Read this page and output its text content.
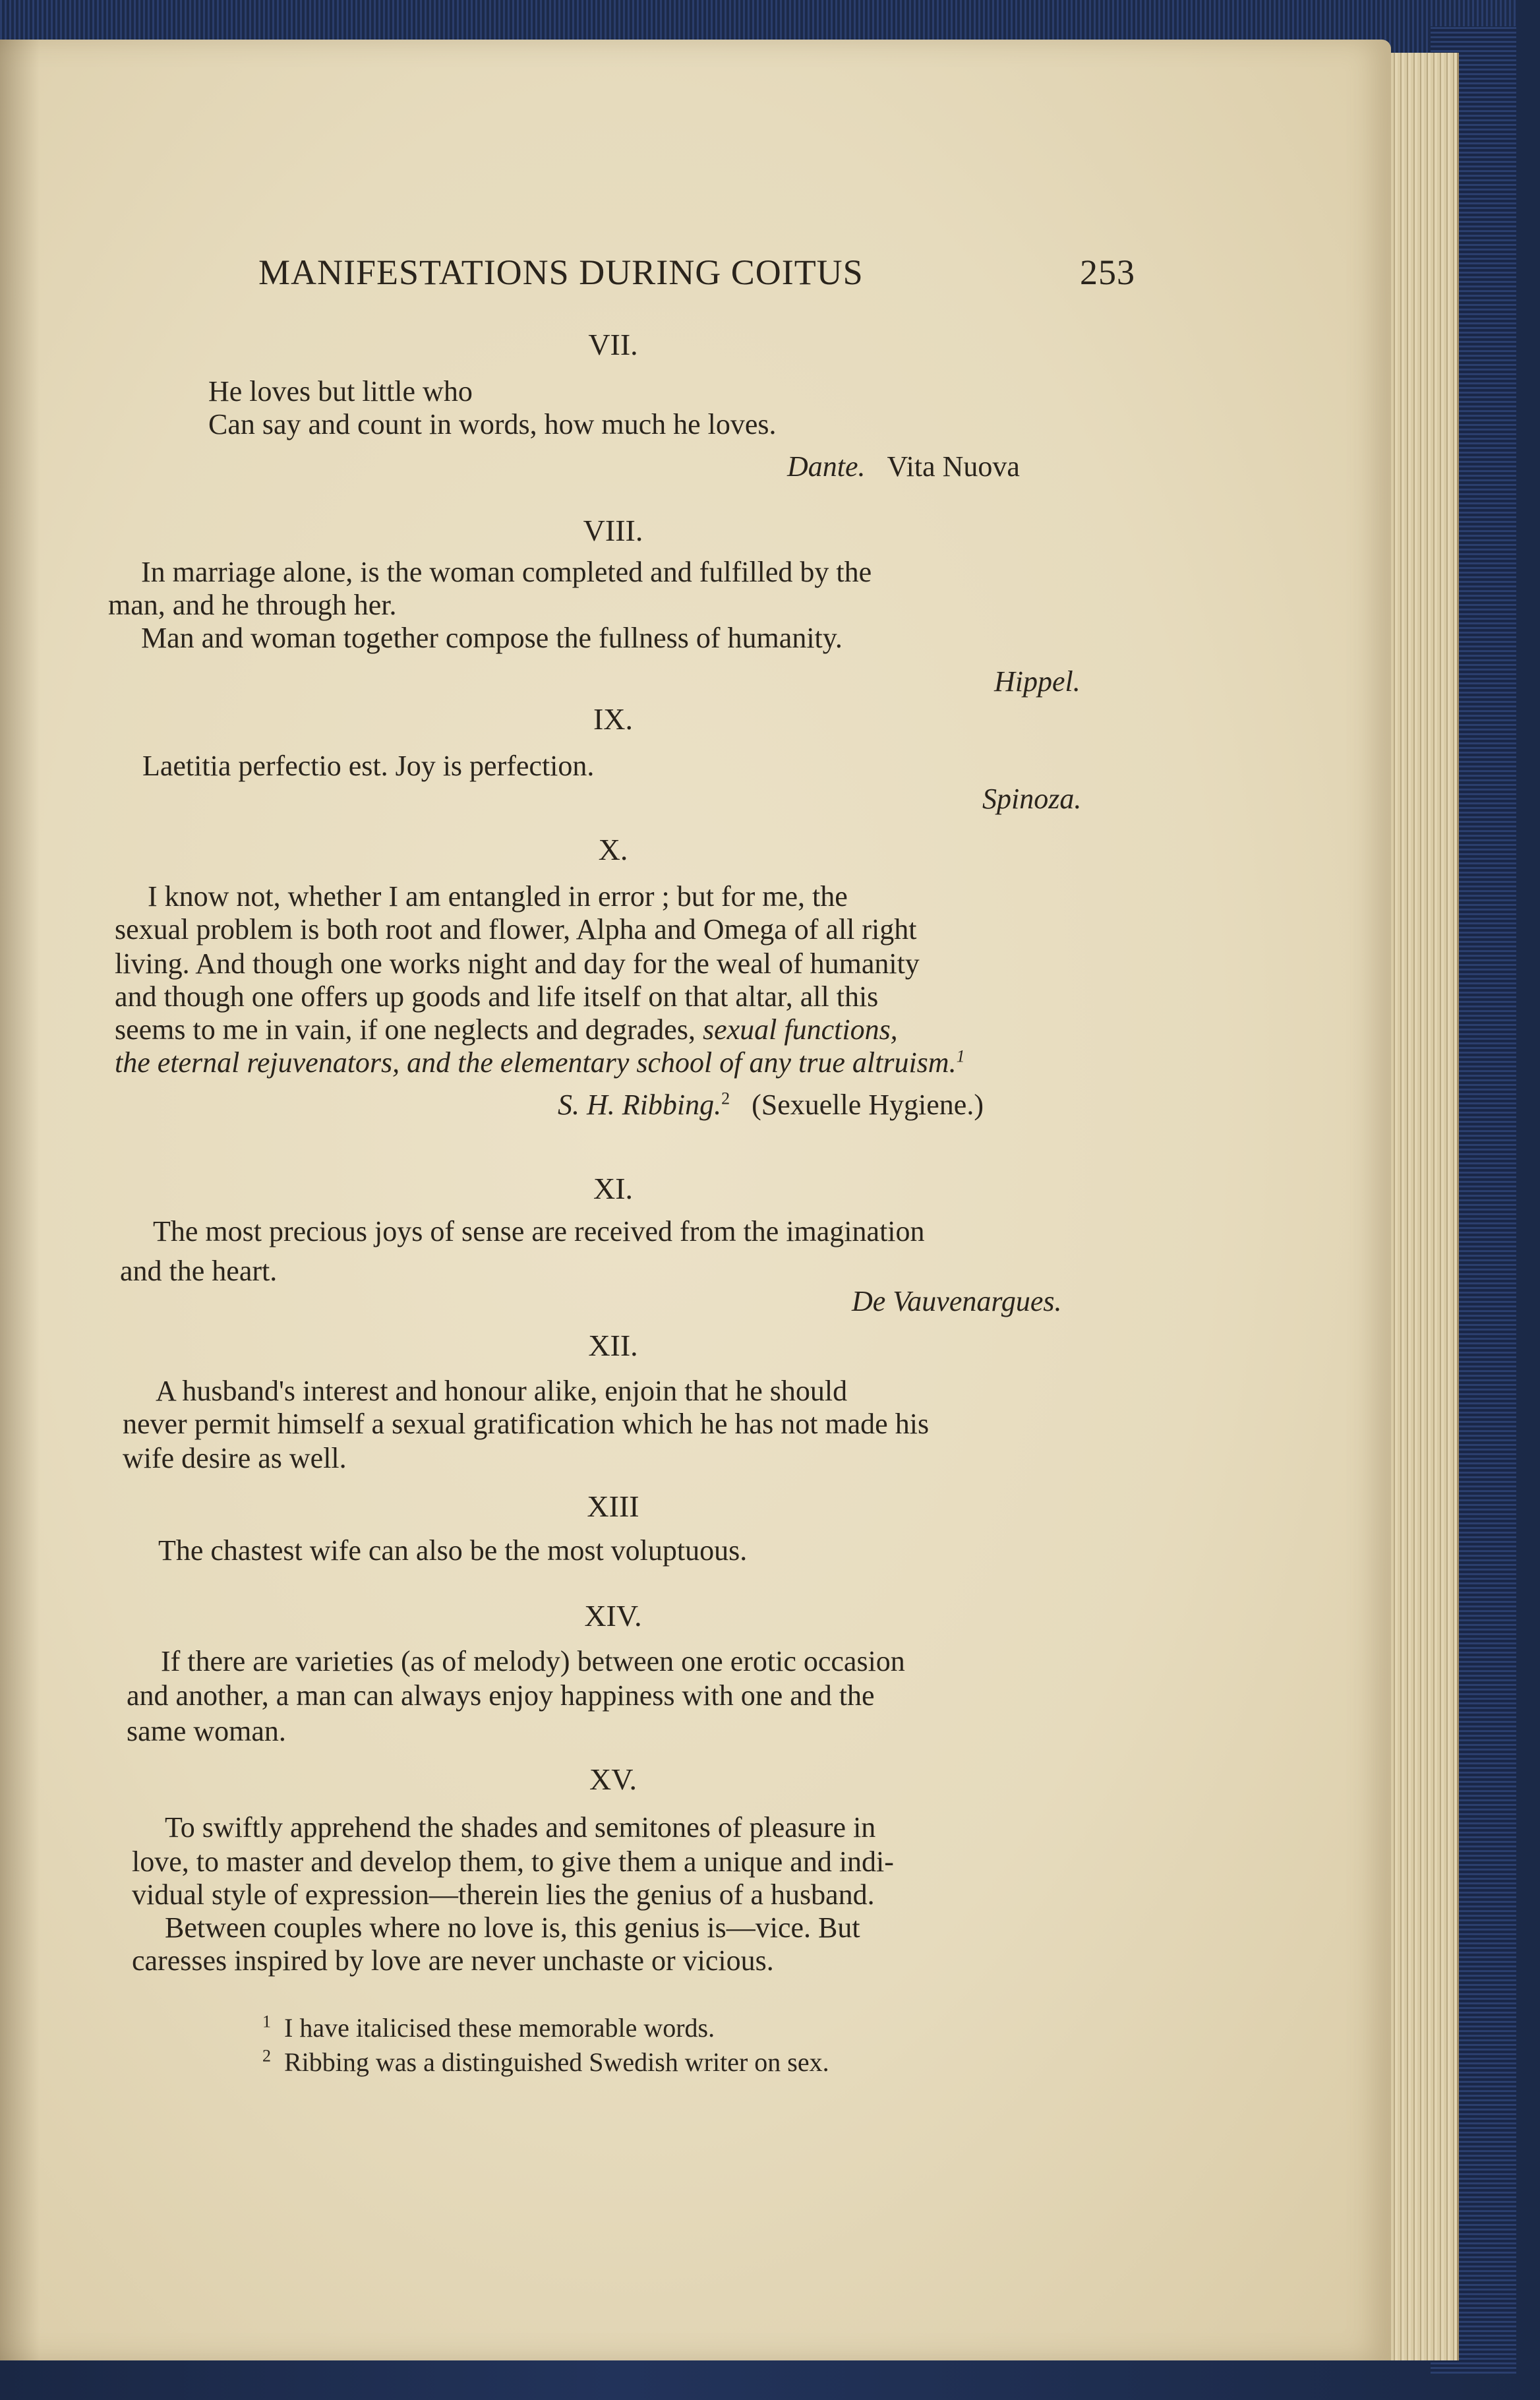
MANIFESTATIONS DURING COITUS	253
VII.
He loves but little who
Can say and count in words, how much he loves.
Dante. Vita Nuova
VIII.
In marriage alone, is the woman completed and fulfilled by the
man, and he through her.
Man and woman together compose the fullness of humanity.
Hippel.
IX.
Laetitia perfectio est. Joy is perfection.
Spinoza.
X.
I know not, whether I am entangled in error ; but for me, the
sexual problem is both root and flower, Alpha and Omega of all right
living. And though one works night and day for the weal of humanity
and though one offers up goods and life itself on that altar, all this
seems to me in vain, if one neglects and degrades, sexual functions,
the eternal rejuvenators, and the elementary school of any true altruism.$^1$
S. H. Ribbing.$^2$ (Sexuelle Hygiene.)
XI.
The most precious joys of sense are received from the imagination
and the heart.
De Vauvenargues.
XII.
A husband's interest and honour alike, enjoin that he should
never permit himself a sexual gratification which he has not made his
wife desire as well.
XIII
The chastest wife can also be the most voluptuous.
XIV.
If there are varieties (as of melody) between one erotic occasion
and another, a man can always enjoy happiness with one and the
same woman.
XV.
To swiftly apprehend the shades and semitones of pleasure in
love, to master and develop them, to give them a unique and indi-
vidual style of expression—therein lies the genius of a husband.
Between couples where no love is, this genius is—vice. But
caresses inspired by love are never unchaste or vicious.
$^1$ I have italicised these memorable words.
$^2$ Ribbing was a distinguished Swedish writer on sex.
